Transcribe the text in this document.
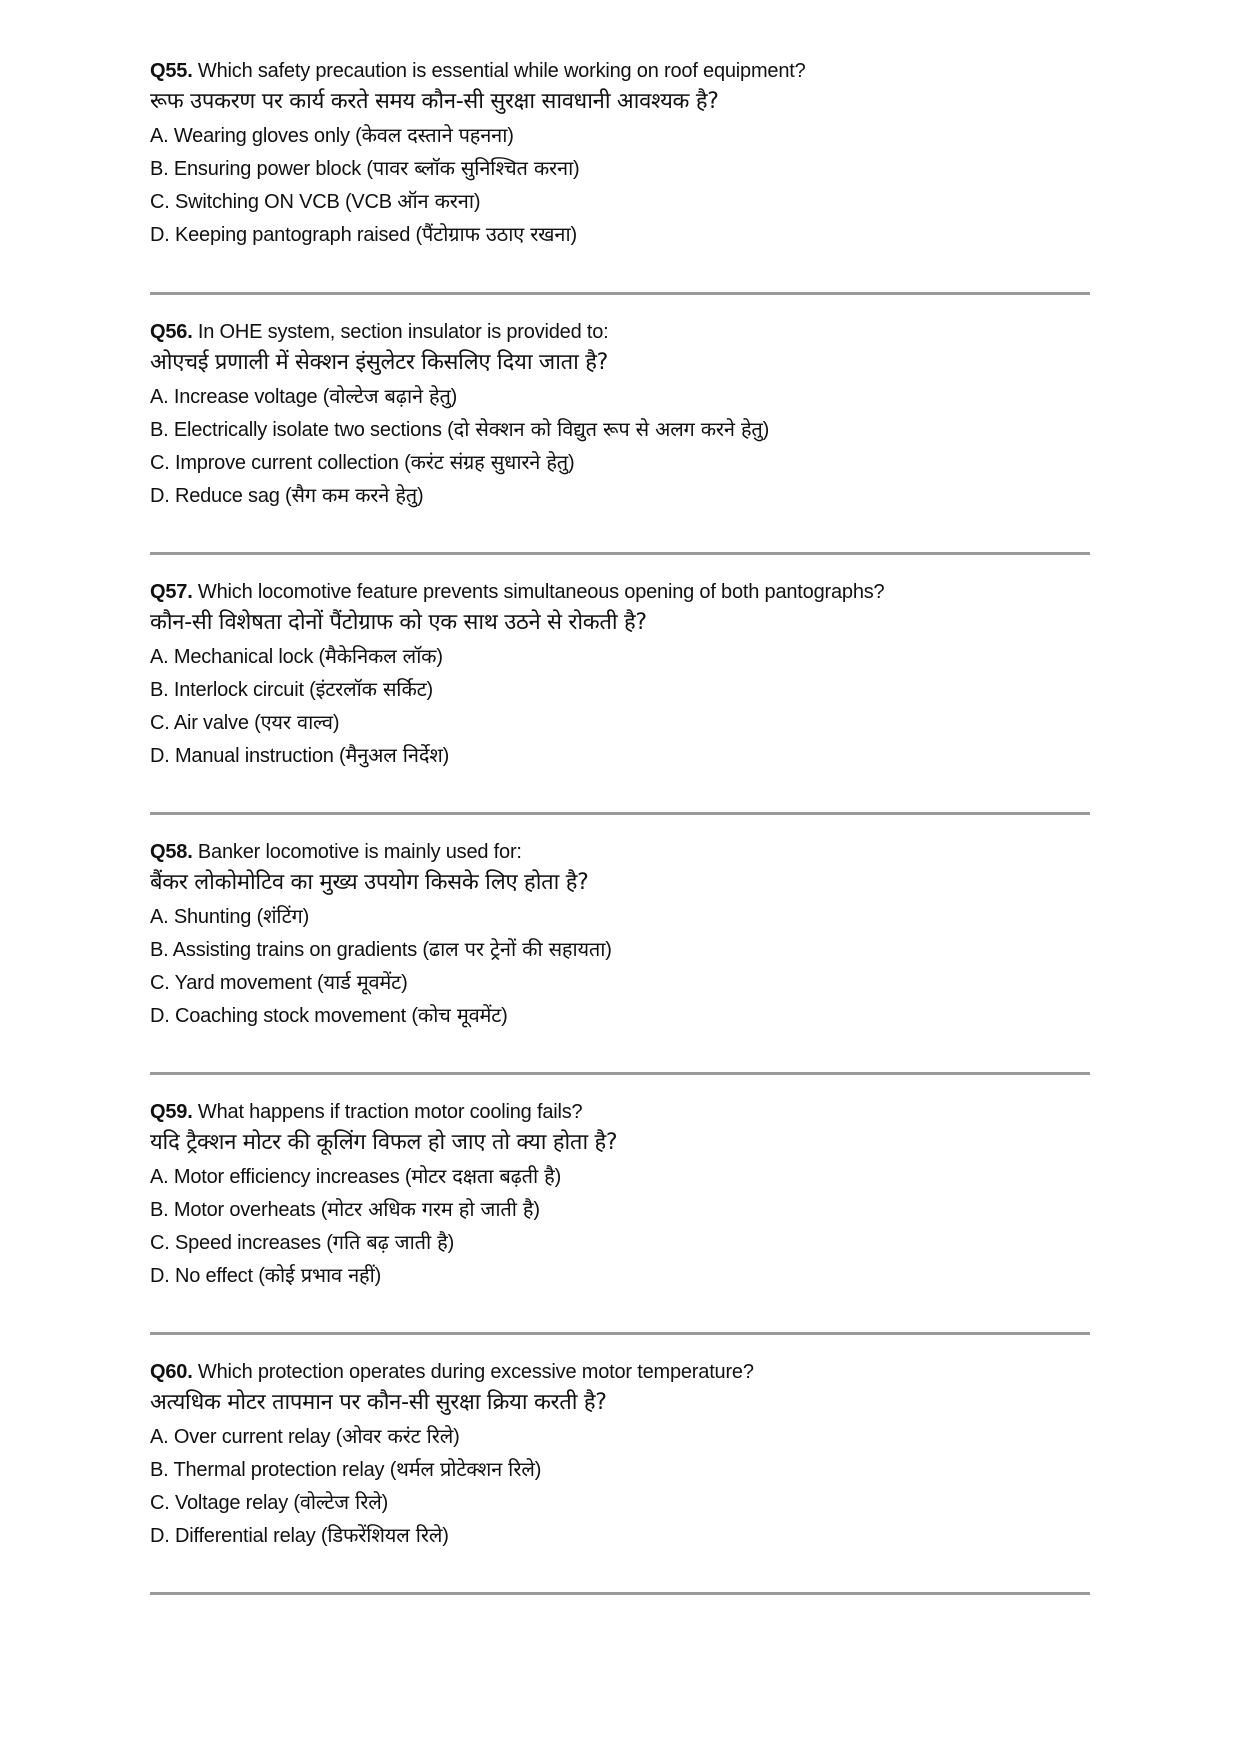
Q55. Which safety precaution is essential while working on roof equipment?
रूफ उपकरण पर कार्य करते समय कौन-सी सुरक्षा सावधानी आवश्यक है?
A. Wearing gloves only (केवल दस्ताने पहनना)
B. Ensuring power block (पावर ब्लॉक सुनिश्चित करना)
C. Switching ON VCB (VCB ऑन करना)
D. Keeping pantograph raised (पैंटोग्राफ उठाए रखना)
Q56. In OHE system, section insulator is provided to:
ओएचई प्रणाली में सेक्शन इंसुलेटर किसलिए दिया जाता है?
A. Increase voltage (वोल्टेज बढ़ाने हेतु)
B. Electrically isolate two sections (दो सेक्शन को विद्युत रूप से अलग करने हेतु)
C. Improve current collection (करंट संग्रह सुधारने हेतु)
D. Reduce sag (सैग कम करने हेतु)
Q57. Which locomotive feature prevents simultaneous opening of both pantographs?
कौन-सी विशेषता दोनों पैंटोग्राफ को एक साथ उठने से रोकती है?
A. Mechanical lock (मैकेनिकल लॉक)
B. Interlock circuit (इंटरलॉक सर्किट)
C. Air valve (एयर वाल्व)
D. Manual instruction (मैनुअल निर्देश)
Q58. Banker locomotive is mainly used for:
बैंकर लोकोमोटिव का मुख्य उपयोग किसके लिए होता है?
A. Shunting (शंटिंग)
B. Assisting trains on gradients (ढाल पर ट्रेनों की सहायता)
C. Yard movement (यार्ड मूवमेंट)
D. Coaching stock movement (कोच मूवमेंट)
Q59. What happens if traction motor cooling fails?
यदि ट्रैक्शन मोटर की कूलिंग विफल हो जाए तो क्या होता है?
A. Motor efficiency increases (मोटर दक्षता बढ़ती है)
B. Motor overheats (मोटर अधिक गरम हो जाती है)
C. Speed increases (गति बढ़ जाती है)
D. No effect (कोई प्रभाव नहीं)
Q60. Which protection operates during excessive motor temperature?
अत्यधिक मोटर तापमान पर कौन-सी सुरक्षा क्रिया करती है?
A. Over current relay (ओवर करंट रिले)
B. Thermal protection relay (थर्मल प्रोटेक्शन रिले)
C. Voltage relay (वोल्टेज रिले)
D. Differential relay (डिफरेंशियल रिले)
